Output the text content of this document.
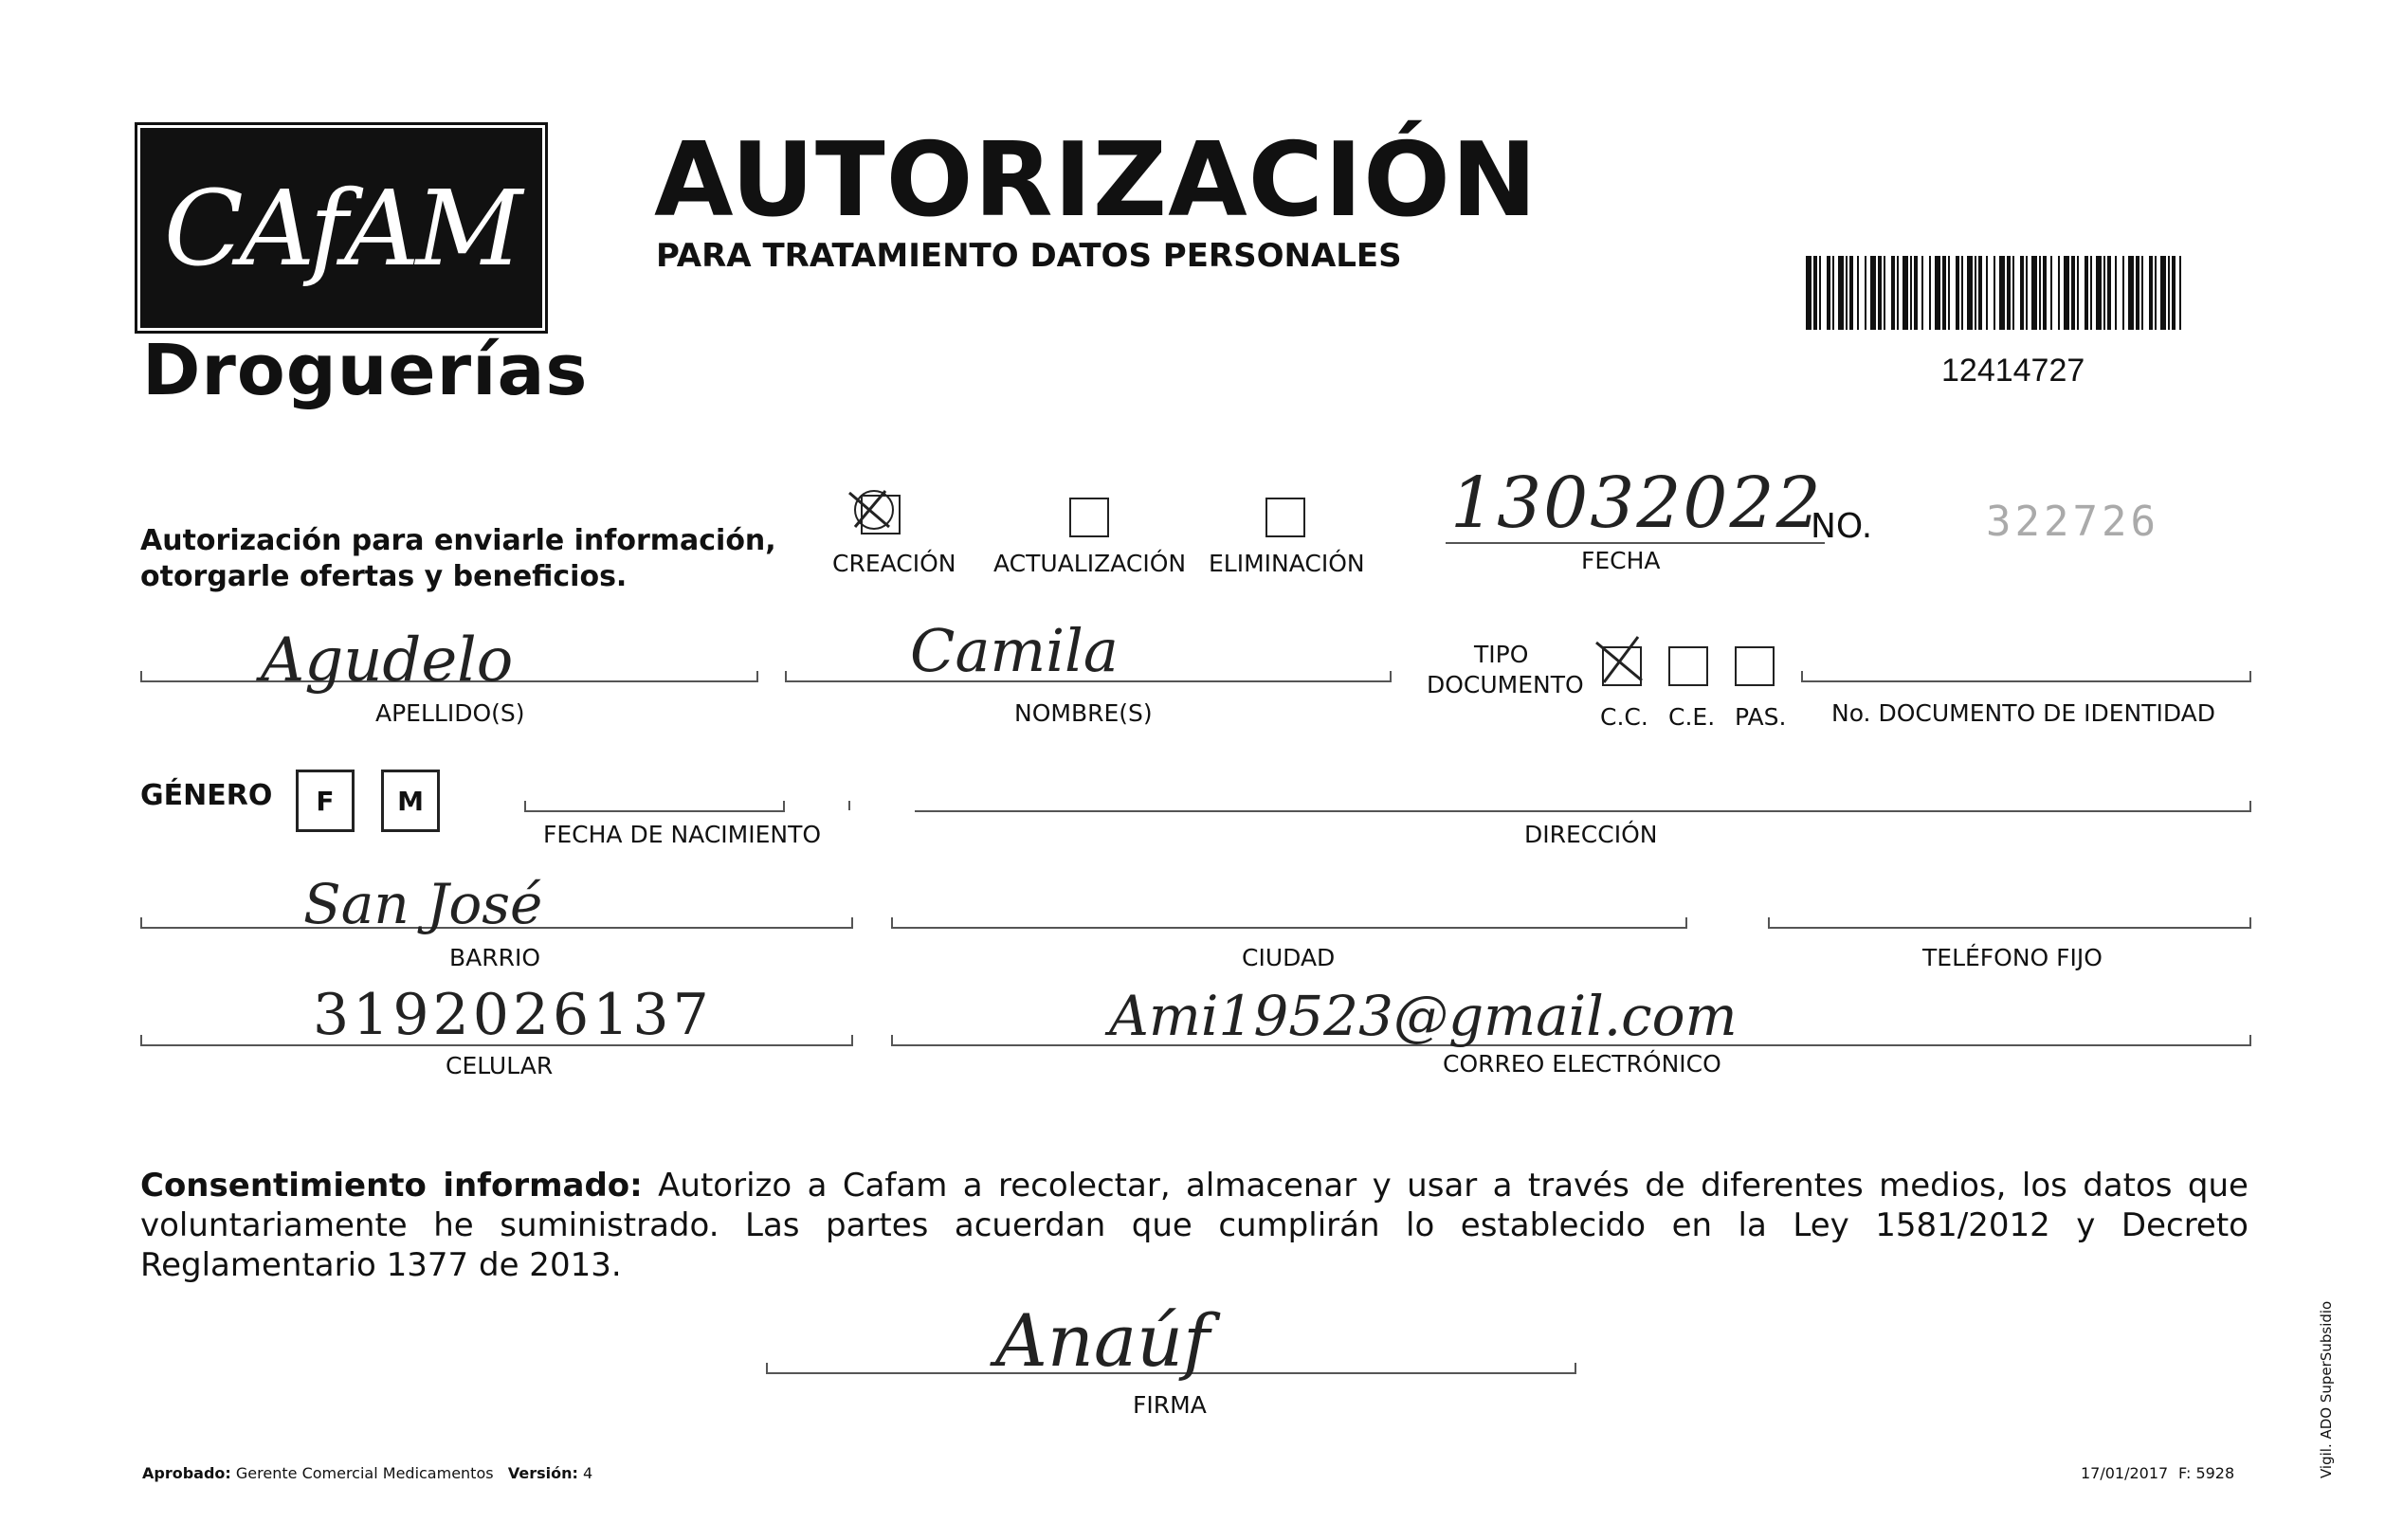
CAfAM
Droguerías
AUTORIZACIÓN
PARA TRATAMIENTO DATOS PERSONALES
12414727
Autorización para enviarle información, otorgarle ofertas y beneficios.	CREACIÓN ACTUALIZACIÓN ELIMINACIÓN
13032022
FECHA
NO.	322726
Agudelo
APELLIDO(S)
Camila
NOMBRE(S)
TIPO
DOCUMENTO
C.C. C.E. PAS. No. DOCUMENTO DE IDENTIDAD
GÉNERO	F	M
FECHA DE NACIMIENTO	DIRECCIÓN
San José
BARRIO	CIUDAD	TELÉFONO FIJO
3192026137
CELULAR
Ami19523@gmail.com
CORREO ELECTRÓNICO
Consentimiento informado: Autorizo a Cafam a recolectar, almacenar y usar a través de diferentes medios, los datos que voluntariamente he suministrado. Las partes acuerdan que cumplirán lo establecido en la Ley 1581/2012 y Decreto Reglamentario 1377 de 2013.
Anaúf
FIRMA
Aprobado: Gerente Comercial Medicamentos Versión: 4	17/01/2017 F: 5928	Vigil. ADO SuperSubsidio
